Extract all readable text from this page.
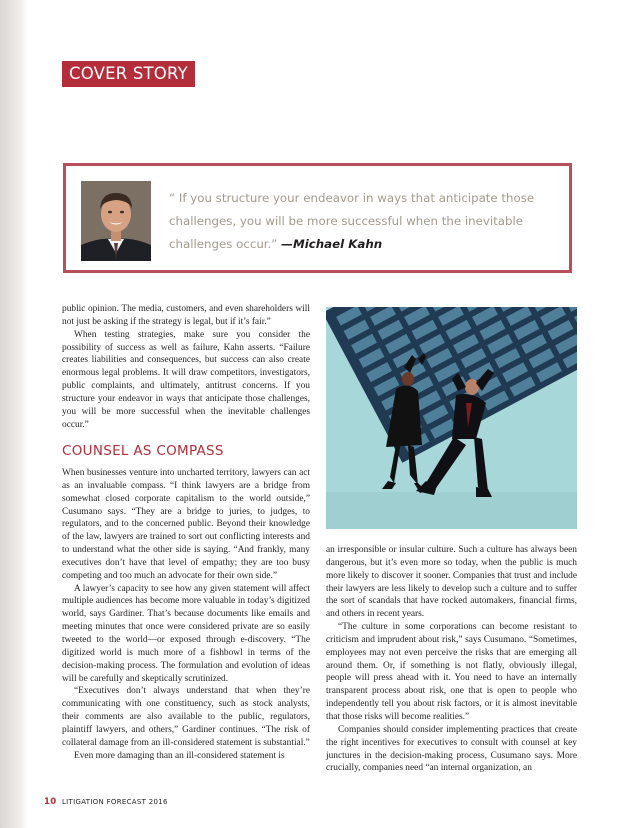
COVER STORY
“ If you structure your endeavor in ways that anticipate those challenges, you will be more successful when the inevitable challenges occur.” —Michael Kahn

public opinion. The media, customers, and even shareholders will not just be asking if the strategy is legal, but if it’s fair.”

When testing strategies, make sure you consider the possibility of success as well as failure, Kahn asserts. “Failure creates liabilities and consequences, but success can also create enormous legal problems. It will draw competitors, investigators, public complaints, and ultimately, antitrust concerns. If you structure your endeavor in ways that anticipate those challenges, you will be more successful when the inevitable challenges occur.”

COUNSEL AS COMPASS

When businesses venture into uncharted territory, lawyers can act as an invaluable compass. “I think lawyers are a bridge from somewhat closed corporate capitalism to the world outside,” Cusumano says. “They are a bridge to juries, to judges, to regulators, and to the concerned public. Beyond their knowledge of the law, lawyers are trained to sort out conflicting interests and to understand what the other side is saying. “And frankly, many executives don’t have that level of empathy; they are too busy competing and too much an advocate for their own side.”

A lawyer’s capacity to see how any given statement will affect multiple audiences has become more valuable in today’s digitized world, says Gardiner. That’s because documents like emails and meeting minutes that once were considered private are so easily tweeted to the world—or exposed through e-discovery. “The digitized world is much more of a fishbowl in terms of the decision-making process. The formulation and evolution of ideas will be carefully and skeptically scrutinized.

“Executives don’t always understand that when they’re communicating with one constituency, such as stock analysts, their comments are also available to the public, regulators, plaintiff lawyers, and others,” Gardiner continues. “The risk of collateral damage from an ill-considered statement is substantial.”

Even more damaging than an ill-considered statement is

an irresponsible or insular culture. Such a culture has always been dangerous, but it’s even more so today, when the public is much more likely to discover it sooner. Companies that trust and include their lawyers are less likely to develop such a culture and to suffer the sort of scandals that have rocked automakers, financial firms, and others in recent years.

“The culture in some corporations can become resistant to criticism and imprudent about risk,” says Cusumano. “Sometimes, employees may not even perceive the risks that are emerging all around them. Or, if something is not flatly, obviously illegal, people will press ahead with it. You need to have an internally transparent process about risk, one that is open to people who independently tell you about risk factors, or it is almost inevitable that those risks will become realities.”

Companies should consider implementing practices that create the right incentives for executives to consult with counsel at key junctures in the decision-making process, Cusumano says. More crucially, companies need “an internal organization, an

10 LITIGATION FORECAST 2016
